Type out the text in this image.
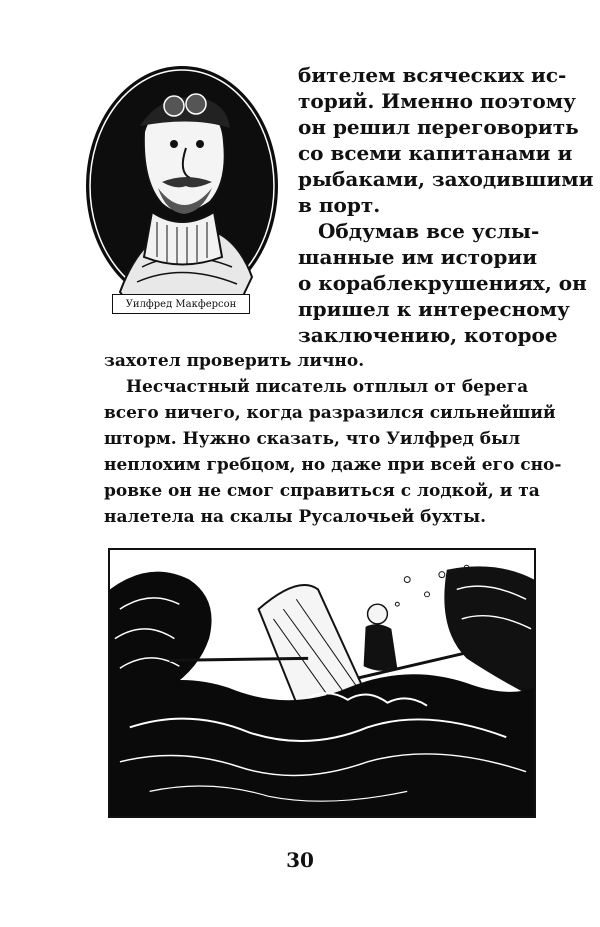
Уилфред Макферсон
бителем всяческих ис-
торий. Именно поэтому
он решил переговорить
со всеми капитанами и
рыбаками, заходившими
в порт.
Обдумав все услы-
шанные им истории
о кораблекрушениях, он
пришел к интересному
заключению, которое
захотел проверить лично.
Несчастный писатель отплыл от берега
всего ничего, когда разразился сильнейший
шторм. Нужно сказать, что Уилфред был
неплохим гребцом, но даже при всей его сно-
ровке он не смог справиться с лодкой, и та
налетела на скалы Русалочьей бухты.
30
